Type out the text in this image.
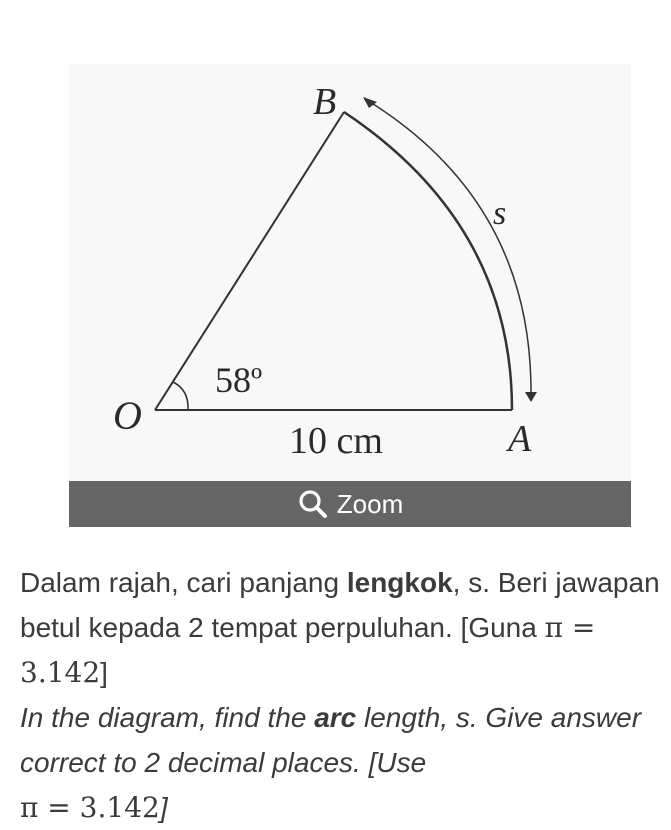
B
s
58º
O
10 cm	A
Zoom

Dalam rajah, cari panjang lengkok, s. Beri jawapan betul kepada 2 tempat perpuluhan. [Guna π = 3.142]

In the diagram, find the arc length, s. Give answer correct to 2 decimal places. [Use
π = 3.142]
